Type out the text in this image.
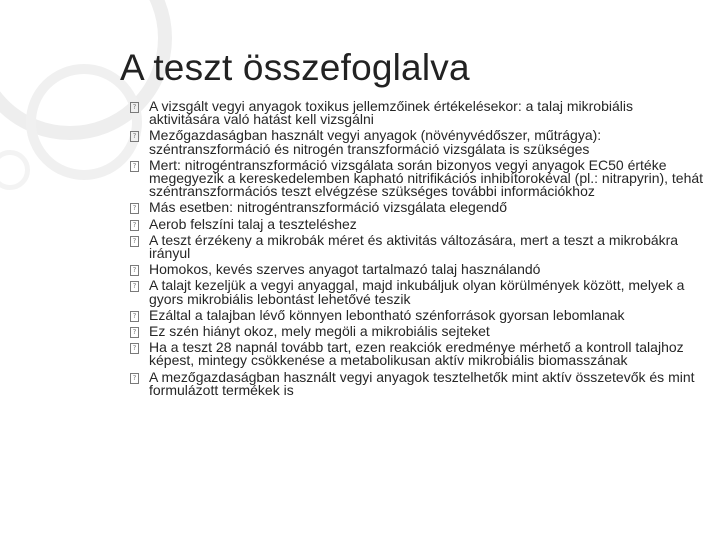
A teszt összefoglalva
? A vizsgált vegyi anyagok toxikus jellemzőinek értékelésekor: a talaj mikrobiális aktivitására való hatást kell vizsgálni
? Mezőgazdaságban használt vegyi anyagok (növényvédőszer, műtrágya): széntranszformáció és nitrogén transzformáció vizsgálata is szükséges
? Mert: nitrogéntranszformáció vizsgálata során bizonyos vegyi anyagok EC50 értéke megegyezik a kereskedelemben kapható nitrifikációs inhibítorokéval (pl.: nitrapyrin), tehát széntranszformációs teszt elvégzése szükséges további információkhoz
? Más esetben: nitrogéntranszformáció vizsgálata elegendő
? Aerob felszíni talaj a teszteléshez
? A teszt érzékeny a mikrobák méret és aktivitás változására, mert a teszt a mikrobákra irányul
? Homokos, kevés szerves anyagot tartalmazó talaj használandó
? A talajt kezeljük a vegyi anyaggal, majd inkubáljuk olyan körülmények között, melyek a gyors mikrobiális lebontást lehetővé teszik
? Ezáltal a talajban lévő könnyen lebontható szénforrások gyorsan lebomlanak
? Ez szén hiányt okoz, mely megöli a mikrobiális sejteket
? Ha a teszt 28 napnál tovább tart, ezen reakciók eredménye mérhető a kontroll talajhoz képest, mintegy csökkenése a metabolikusan aktív mikrobiális biomasszának
? A mezőgazdaságban használt vegyi anyagok tesztelhetők mint aktív összetevők és mint formulázott termékek is
